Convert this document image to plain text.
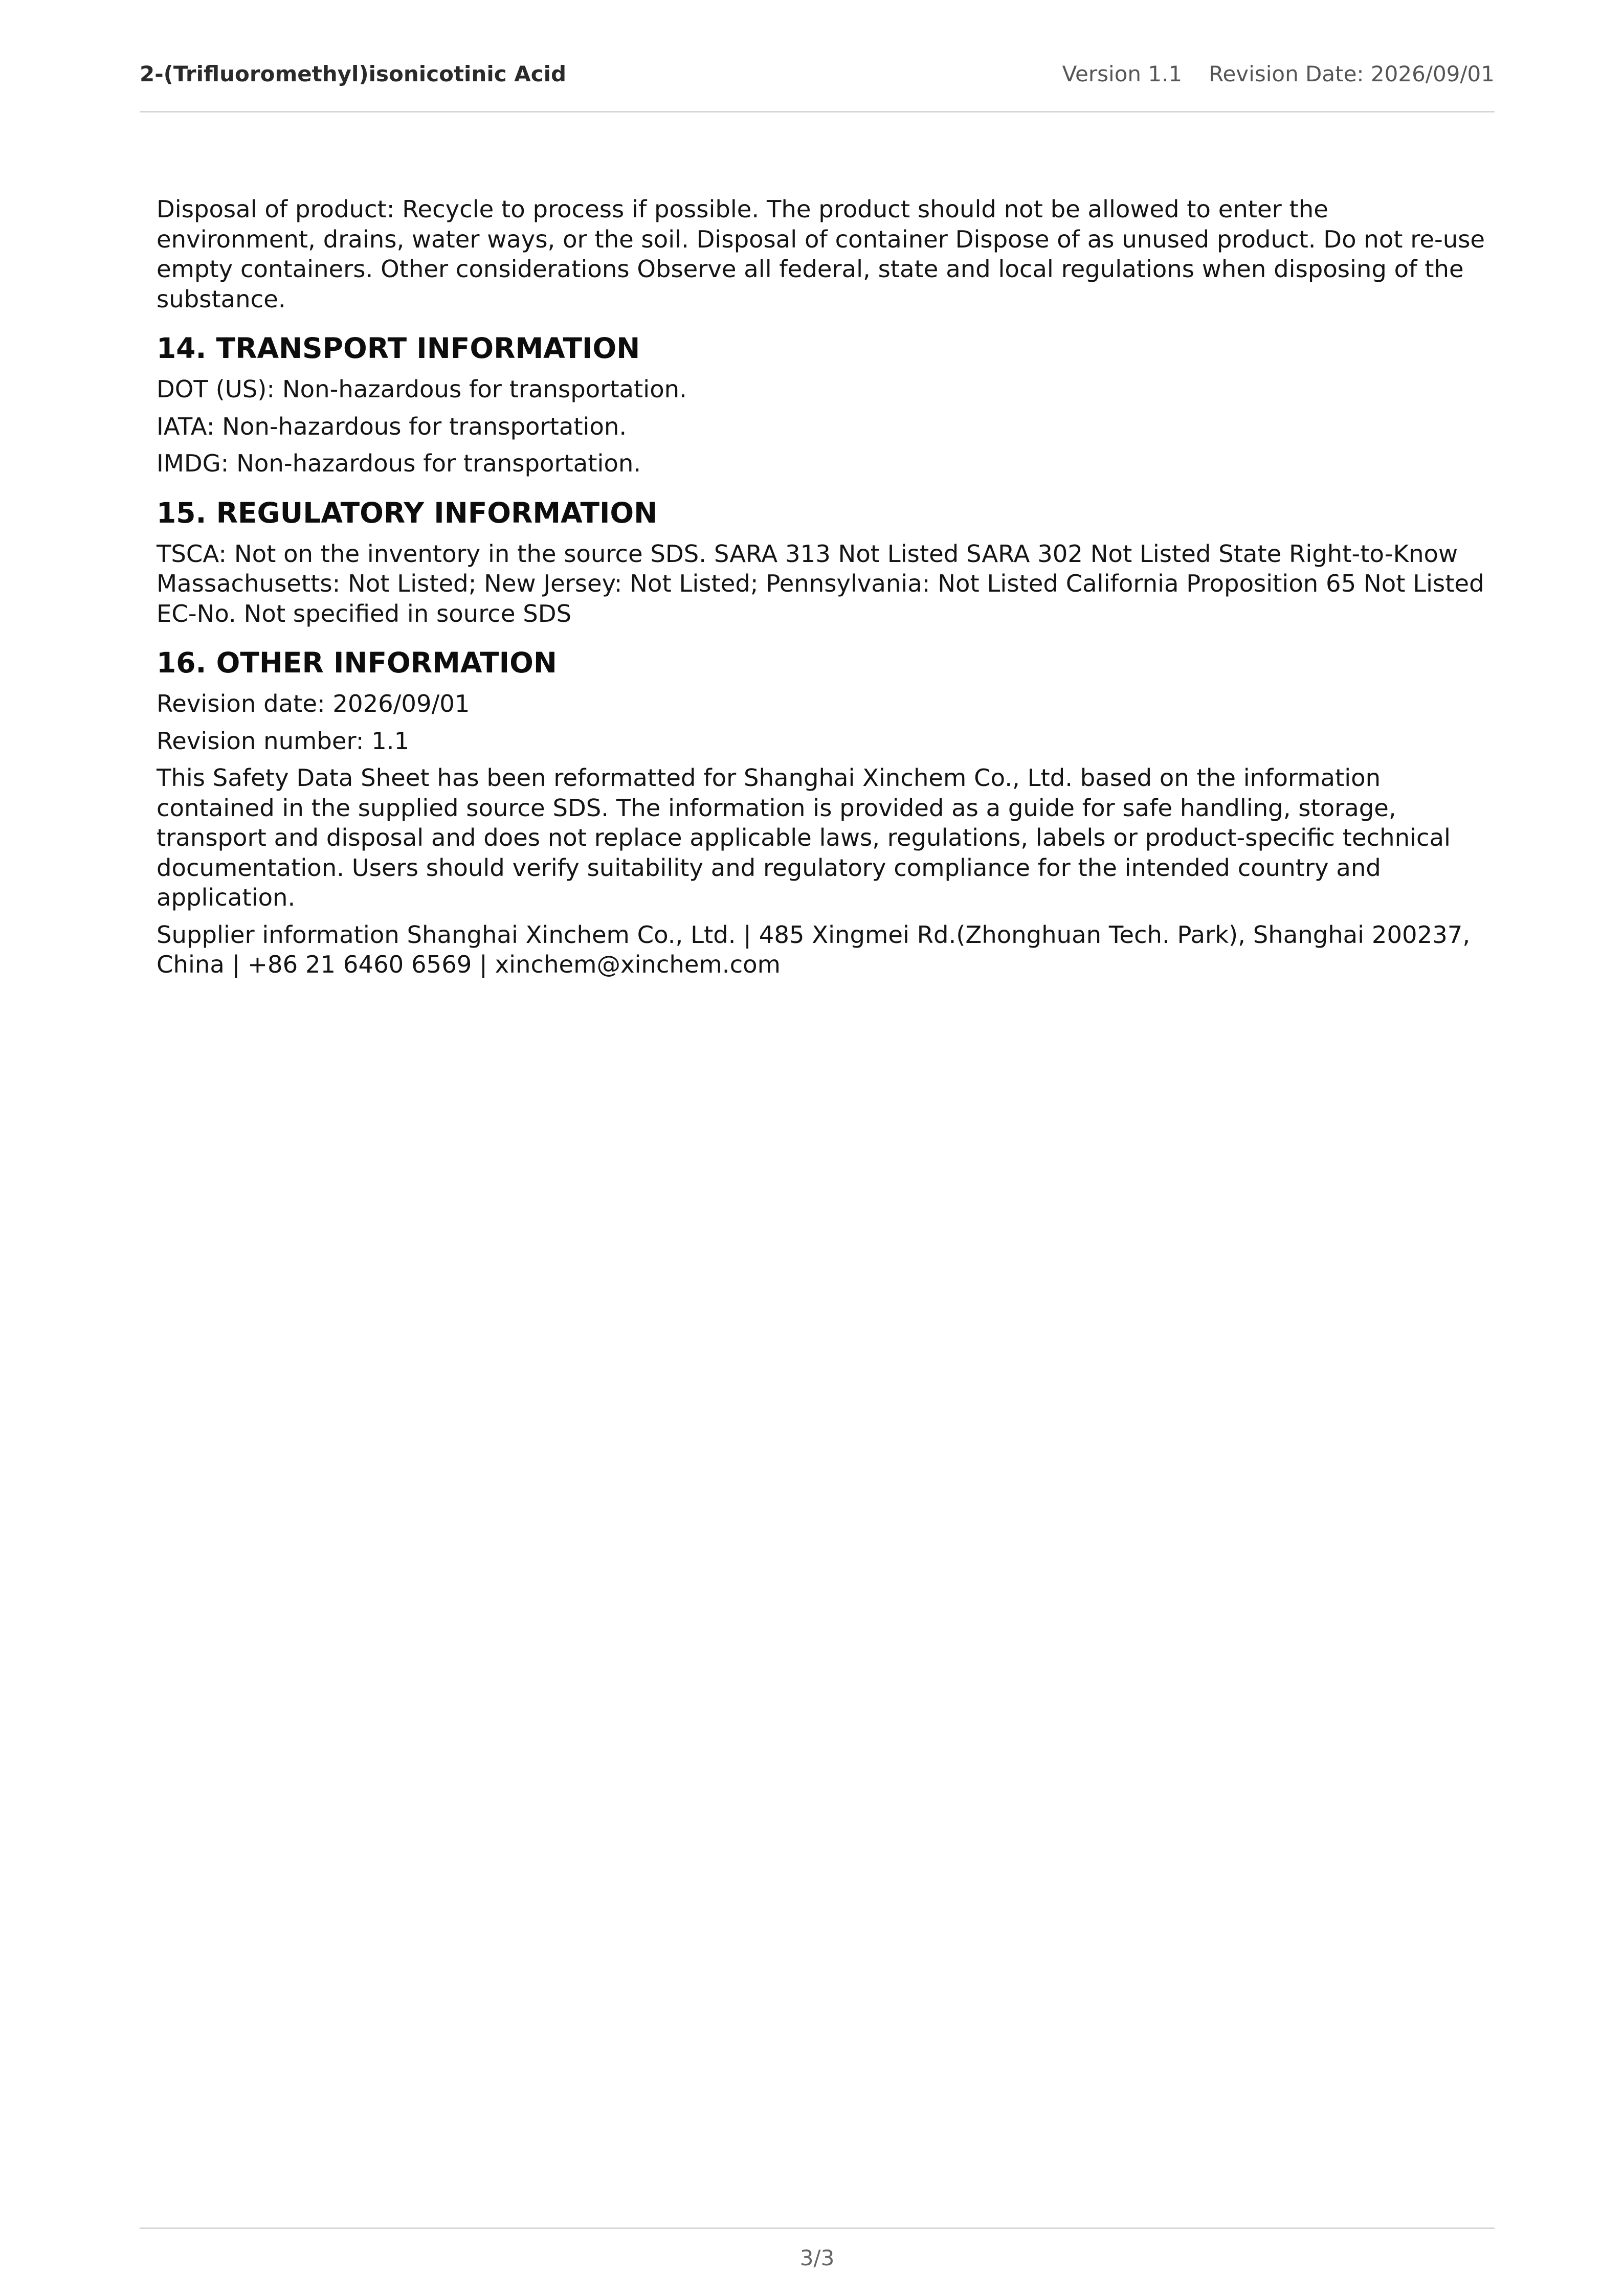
2-(Trifluoromethyl)isonicotinic Acid	Version 1.1 Revision Date: 2026/09/01

Disposal of product: Recycle to process if possible. The product should not be allowed to enter the environment, drains, water ways, or the soil. Disposal of container Dispose of as unused product. Do not re-use empty containers. Other considerations Observe all federal, state and local regulations when disposing of the substance.

14. TRANSPORT INFORMATION

DOT (US): Non-hazardous for transportation.

IATA: Non-hazardous for transportation.

IMDG: Non-hazardous for transportation.

15. REGULATORY INFORMATION

TSCA: Not on the inventory in the source SDS. SARA 313 Not Listed SARA 302 Not Listed State Right-to-Know Massachusetts: Not Listed; New Jersey: Not Listed; Pennsylvania: Not Listed California Proposition 65 Not Listed EC-No. Not specified in source SDS

16. OTHER INFORMATION

Revision date: 2026/09/01

Revision number: 1.1

This Safety Data Sheet has been reformatted for Shanghai Xinchem Co., Ltd. based on the information contained in the supplied source SDS. The information is provided as a guide for safe handling, storage, transport and disposal and does not replace applicable laws, regulations, labels or product-specific technical documentation. Users should verify suitability and regulatory compliance for the intended country and application.

Supplier information Shanghai Xinchem Co., Ltd. | 485 Xingmei Rd.(Zhonghuan Tech. Park), Shanghai 200237, China | +86 21 6460 6569 | xinchem@xinchem.com

3/3
